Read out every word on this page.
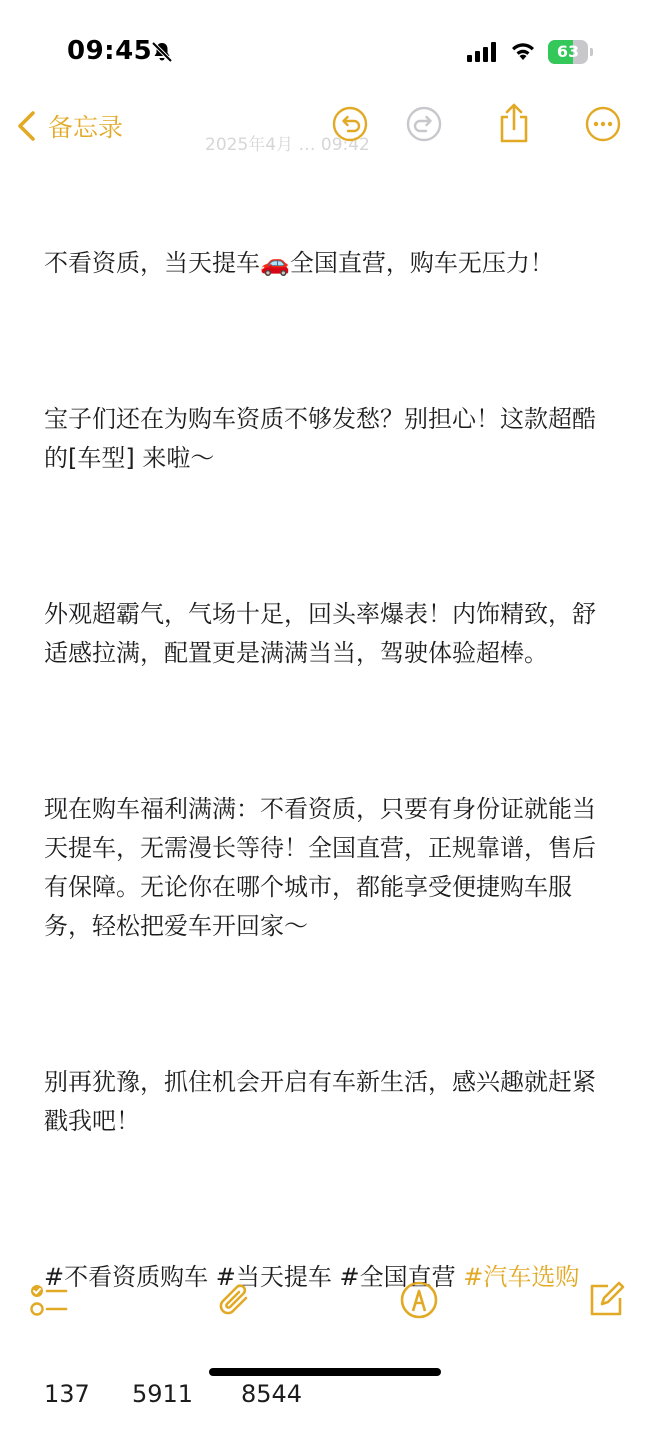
09:45	63
2025年4月 … 09:42
备忘录

不看资质，当天提车🚗全国直营，购车无压力！

宝子们还在为购车资质不够发愁？别担心！这款超酷的[车型] 来啦～

外观超霸气，气场十足，回头率爆表！内饰精致，舒适感拉满，配置更是满满当当，驾驶体验超棒。

现在购车福利满满：不看资质，只要有身份证就能当天提车，无需漫长等待！全国直营，正规靠谱，售后有保障。无论你在哪个城市，都能享受便捷购车服务，轻松把爱车开回家～

别再犹豫，抓住机会开启有车新生活，感兴趣就赶紧戳我吧！

#不看资质购车 #当天提车 #全国直营 #汽车选购

137 5911 8544
